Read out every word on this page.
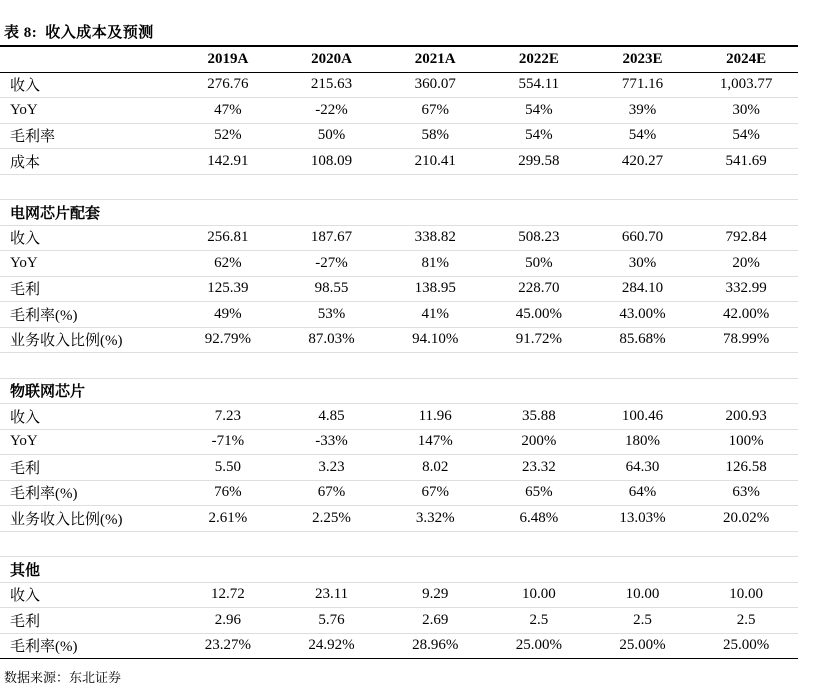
表 8: 收入成本及预测
	2019A	2020A	2021A	2022E	2023E	2024E
收入	276.76	215.63	360.07	554.11	771.16	1,003.77
YoY	47%	-22%	67%	54%	39%	30%
毛利率	52%	50%	58%	54%	54%	54%
成本	142.91	108.09	210.41	299.58	420.27	541.69

电网芯片配套						
收入	256.81	187.67	338.82	508.23	660.70	792.84
YoY	62%	-27%	81%	50%	30%	20%
毛利	125.39	98.55	138.95	228.70	284.10	332.99
毛利率(%)	49%	53%	41%	45.00%	43.00%	42.00%
业务收入比例(%)	92.79%	87.03%	94.10%	91.72%	85.68%	78.99%

物联网芯片						
收入	7.23	4.85	11.96	35.88	100.46	200.93
YoY	-71%	-33%	147%	200%	180%	100%
毛利	5.50	3.23	8.02	23.32	64.30	126.58
毛利率(%)	76%	67%	67%	65%	64%	63%
业务收入比例(%)	2.61%	2.25%	3.32%	6.48%	13.03%	20.02%

其他						
收入	12.72	23.11	9.29	10.00	10.00	10.00
毛利	2.96	5.76	2.69	2.5	2.5	2.5
毛利率(%)	23.27%	24.92%	28.96%	25.00%	25.00%	25.00%
数据来源：东北证券
